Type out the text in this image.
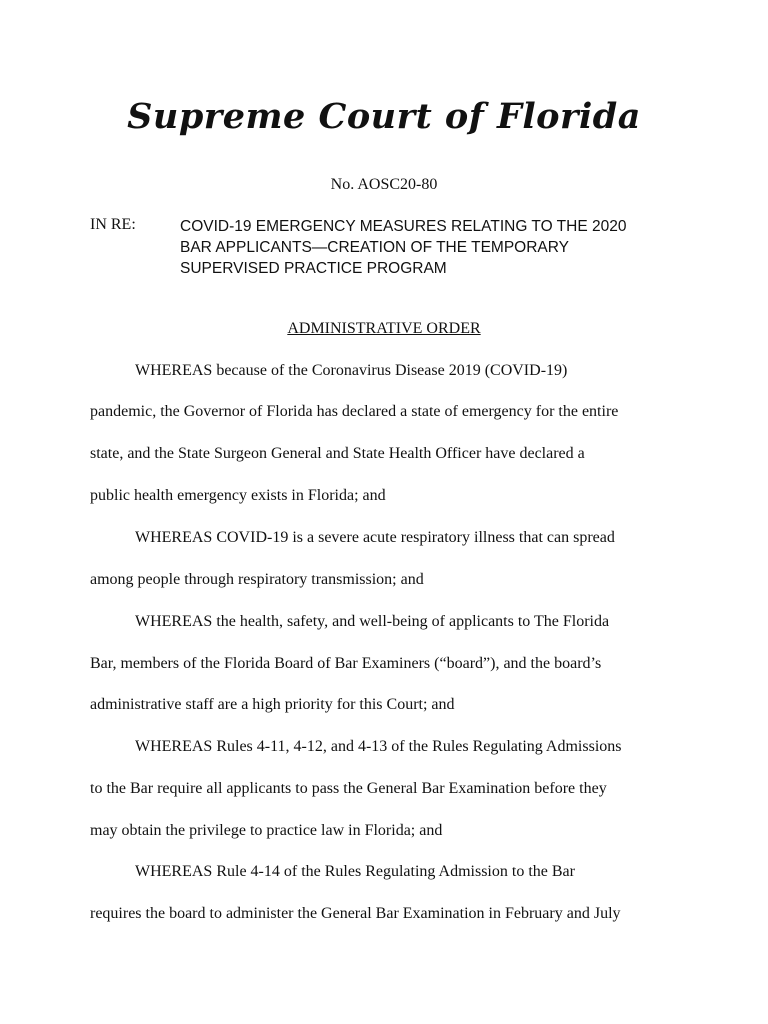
Supreme Court of Florida
No. AOSC20-80
IN RE:	COVID-19 EMERGENCY MEASURES RELATING TO THE 2020
BAR APPLICANTS—CREATION OF THE TEMPORARY
SUPERVISED PRACTICE PROGRAM
ADMINISTRATIVE ORDER
WHEREAS because of the Coronavirus Disease 2019 (COVID-19)
pandemic, the Governor of Florida has declared a state of emergency for the entire
state, and the State Surgeon General and State Health Officer have declared a
public health emergency exists in Florida; and
WHEREAS COVID-19 is a severe acute respiratory illness that can spread
among people through respiratory transmission; and
WHEREAS the health, safety, and well-being of applicants to The Florida
Bar, members of the Florida Board of Bar Examiners (“board”), and the board’s
administrative staff are a high priority for this Court; and
WHEREAS Rules 4-11, 4-12, and 4-13 of the Rules Regulating Admissions
to the Bar require all applicants to pass the General Bar Examination before they
may obtain the privilege to practice law in Florida; and
WHEREAS Rule 4-14 of the Rules Regulating Admission to the Bar
requires the board to administer the General Bar Examination in February and July
